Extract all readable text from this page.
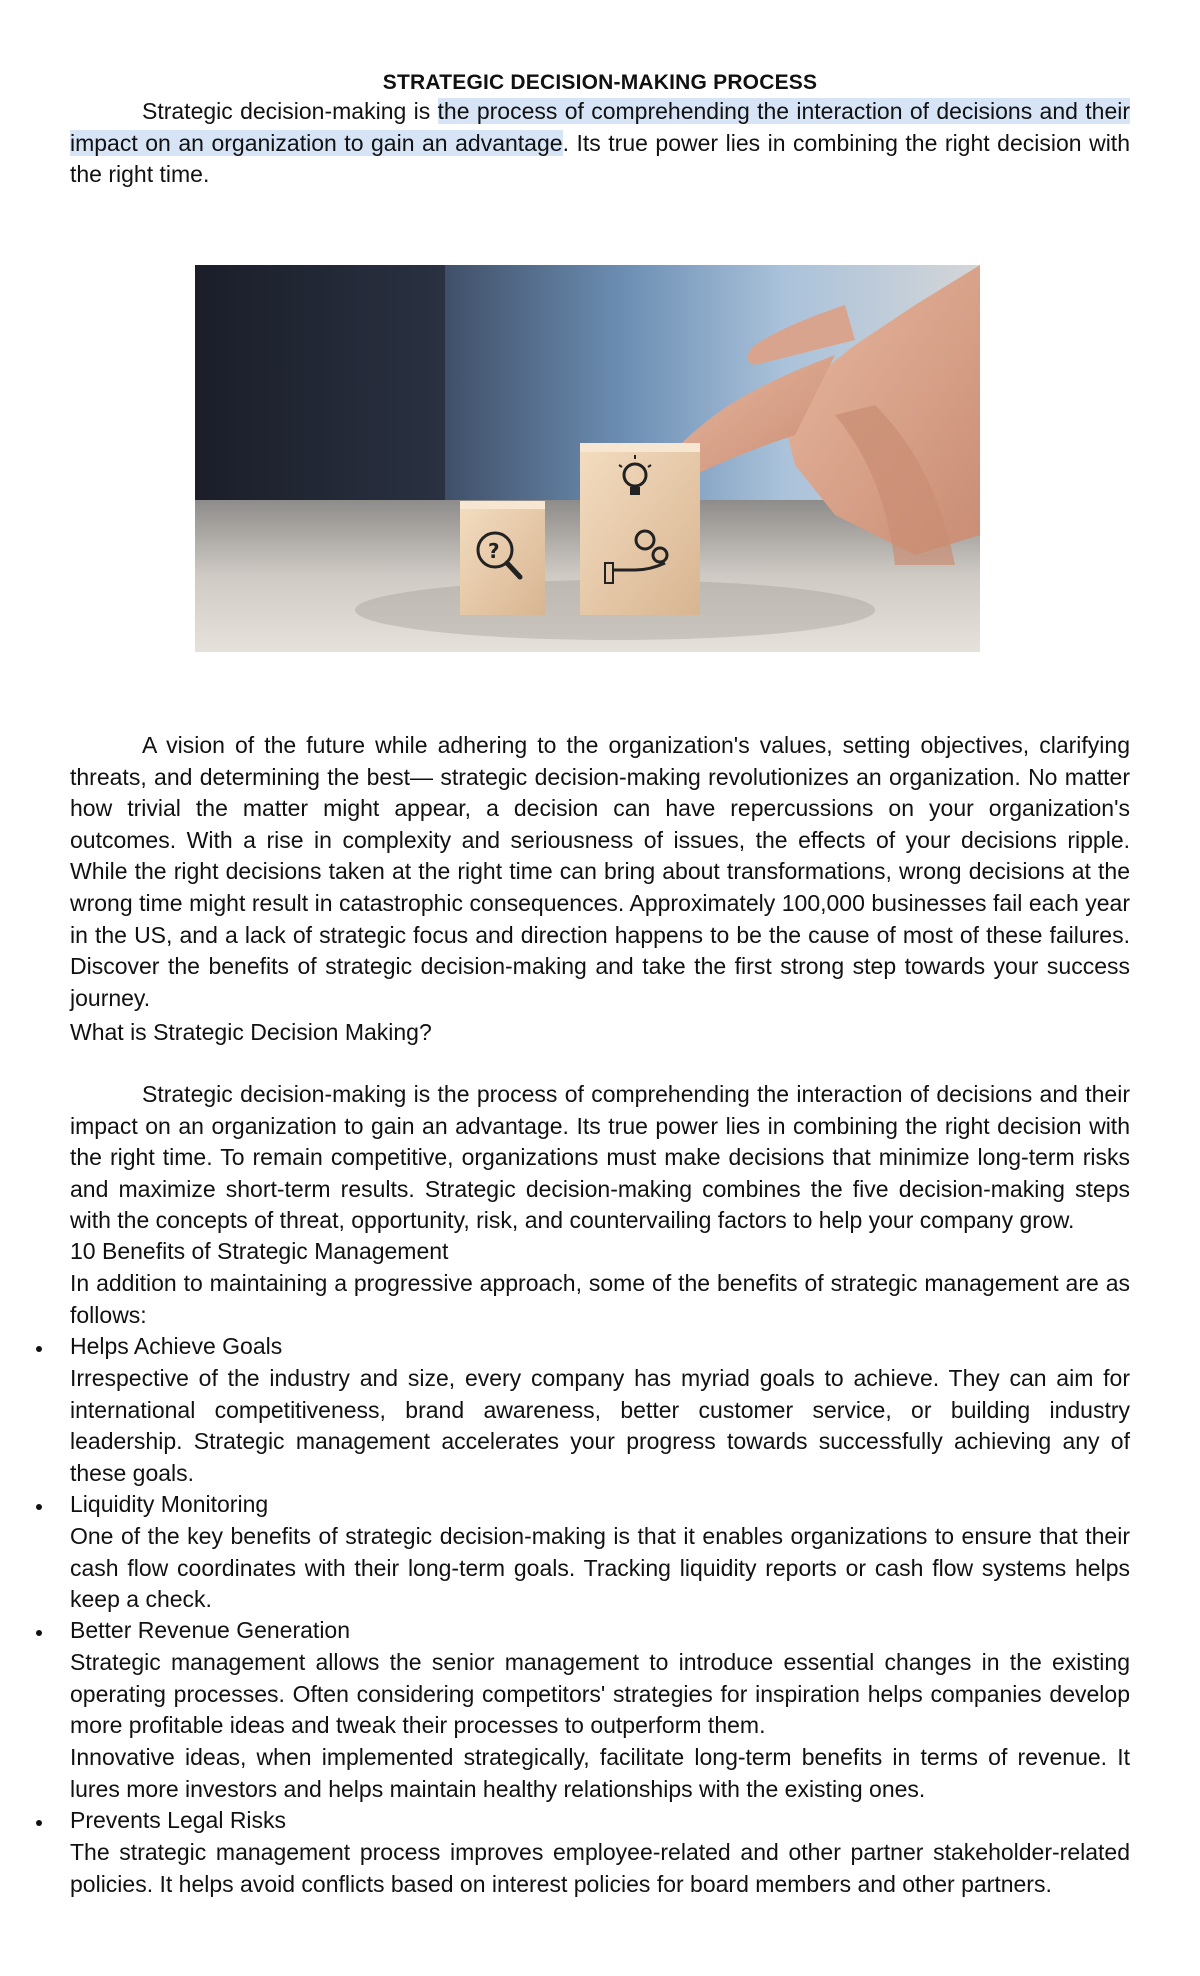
STRATEGIC DECISION-MAKING PROCESS

Strategic decision-making is the process of comprehending the interaction of decisions and their impact on an organization to gain an advantage. Its true power lies in combining the right decision with the right time.

?

A vision of the future while adhering to the organization's values, setting objectives, clarifying threats, and determining the best— strategic decision-making revolutionizes an organization. No matter how trivial the matter might appear, a decision can have repercussions on your organization's outcomes. With a rise in complexity and seriousness of issues, the effects of your decisions ripple. While the right decisions taken at the right time can bring about transformations, wrong decisions at the wrong time might result in catastrophic consequences. Approximately 100,000 businesses fail each year in the US, and a lack of strategic focus and direction happens to be the cause of most of these failures. Discover the benefits of strategic decision-making and take the first strong step towards your success journey.

What is Strategic Decision Making?

Strategic decision-making is the process of comprehending the interaction of decisions and their impact on an organization to gain an advantage. Its true power lies in combining the right decision with the right time. To remain competitive, organizations must make decisions that minimize long-term risks and maximize short-term results. Strategic decision-making combines the five decision-making steps with the concepts of threat, opportunity, risk, and countervailing factors to help your company grow.

10 Benefits of Strategic Management

In addition to maintaining a progressive approach, some of the benefits of strategic management are as follows:

Helps Achieve Goals

Irrespective of the industry and size, every company has myriad goals to achieve. They can aim for international competitiveness, brand awareness, better customer service, or building industry leadership. Strategic management accelerates your progress towards successfully achieving any of these goals.

Liquidity Monitoring

One of the key benefits of strategic decision-making is that it enables organizations to ensure that their cash flow coordinates with their long-term goals. Tracking liquidity reports or cash flow systems helps keep a check.

Better Revenue Generation

Strategic management allows the senior management to introduce essential changes in the existing operating processes. Often considering competitors' strategies for inspiration helps companies develop more profitable ideas and tweak their processes to outperform them.

Innovative ideas, when implemented strategically, facilitate long-term benefits in terms of revenue. It lures more investors and helps maintain healthy relationships with the existing ones.

Prevents Legal Risks

The strategic management process improves employee-related and other partner stakeholder-related policies. It helps avoid conflicts based on interest policies for board members and other partners.
